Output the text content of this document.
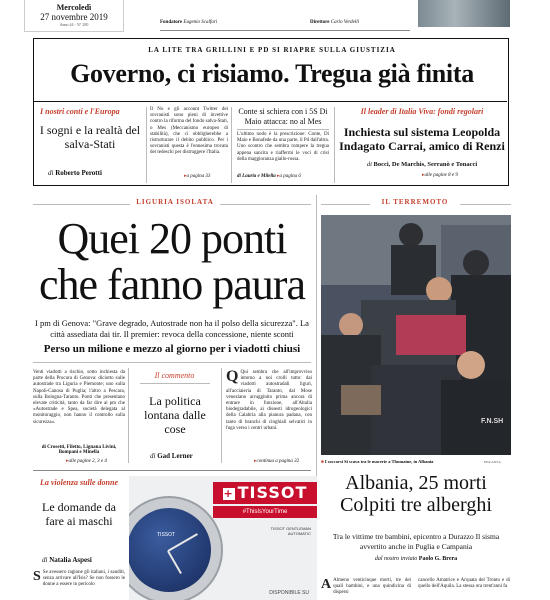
Mercoledì
27 novembre 2019
Anno 44 - N° 280	Fondatore Eugenio Scalfari	Direttore Carlo Verdelli
LA LITE TRA GRILLINI E PD SI RIAPRE SULLA GIUSTIZIA
Governo, ci risiamo. Tregua già finita
I nostri conti e l'Europa
I sogni e la realtà del salva-Stati
di Roberto Perotti
Il No e gli account Twitter dei sovranisti sono pieni di invettive contro la riforma del fondo salva-Stati, o Mes (Meccanismo europeo di stabilità), che ci obbligherebbe a ristrutturare il debito pubblico. Per i sovranisti questa è l'ennesima trovata dei tedeschi per distruggere l'Italia.
▸ a pagina 33
Conte si schiera con i 5S Di Maio attacca: no al Mes
L'ultimo nodo è la prescrizione: Conte, Di Maio e Bonafede da una parte, il Pd dall'altra. Uno scontro che sembra rompere la tregua appena sancita e riaffermi le voci di crisi della maggioranza giallo-rossa.
di Lauria e Milella ▸ a pagina 6
Il leader di Italia Viva: fondi regolari
Inchiesta sul sistema Leopolda Indagato Carrai, amico di Renzi
di Bocci, De Marchis, Serranò e Tonacci
▸ alle pagine 8 e 9
LIGURIA ISOLATA
Quei 20 ponti che fanno paura
I pm di Genova: "Grave degrado, Autostrade non ha il polso della sicurezza". La città assediata dai tir. Il premier: revoca della concessione, niente sconti
Perso un milione e mezzo al giorno per i viadotti chiusi
Venti viadotti a rischio, sotto inchiesta da parte della Procura di Genova: diciotto sulle autostrade tra Liguria e Piemonte; uno sulla Napoli-Canosa di Puglia; l'altro a Pescara, sulla Bologna-Taranto. Ponti che presentano elevate criticità, tanto da far dire ai pm che «Autostrade e Spea, società delegata al monitoraggio, non hanno il controllo sulla sicurezza».
di Crosetti, Filetto, Lignana Livini, Bompani e Minella
▸ alle pagine 2, 3 e 4
Il commento
La politica lontana dalle cose
di Gad Lerner
Q Qui sembra che all'improvviso intorno a noi crolli tutto: dai viadotti autostradali liguri, all'acciaieria di Taranto, dal Mose veneziano arrugginito prima ancora di entrare in funzione, all'Altalia biodegradabile, ai dissesti idrogeologici della Calabria alla pianura padana, con tanto di branchi di cinghiali selvatici in fuga verso i centri urbani.
▸ continua a pagina 32
IL TERREMOTO
F.N.SH
■ I soccorsi Si scava tra le macerie a Thumaine, in Albania	EPA/ANSA
Albania, 25 morti Colpiti tre alberghi
Tra le vittime tre bambini, epicentro a Durazzo Il sisma avvertito anche in Puglia e Campania
dal nostro inviato Paolo G. Brera
A Almeno venticinque morti, tre dei quali bambini, e una quindicina di dispersi
cancello Amatrice e Arquata del Tronto e di quello dell'Aquila. La stessa ora trent'anni fa
La violenza sulle donne
Le domande da fare ai maschi
di Natalia Aspesi
S Se avessero ragione gli italiani, i sauditi, senza arrivare all'Isis? Se non fossero le donne a essere in pericolo
TISSOT
+ TISSOT
#ThisIsYourTime
TISSOT GENTLEMAN AUTOMATIC
DISPONIBILE SU
